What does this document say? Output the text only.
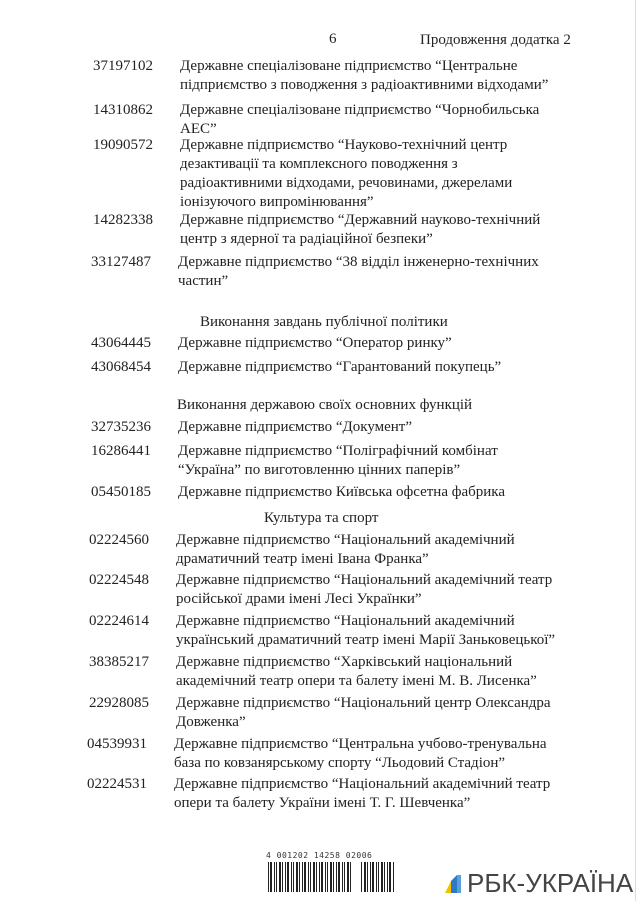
6	Продовження додатка 2
37197102 Державне спеціалізоване підприємство “Центральне
підприємство з поводження з радіоактивними відходами”
14310862 Державне спеціалізоване підприємство “Чорнобильська
АЕС”
19090572 Державне підприємство “Науково-технічний центр
дезактивації та комплексного поводження з
радіоактивними відходами, речовинами, джерелами
іонізуючого випромінювання”
14282338 Державне підприємство “Державний науково-технічний
центр з ядерної та радіаційної безпеки”
33127487 Державне підприємство “38 відділ інженерно-технічних
частин”
43064445 Державне підприємство “Оператор ринку”
43068454 Державне підприємство “Гарантований покупець”
32735236 Державне підприємство “Документ”
16286441 Державне підприємство “Поліграфічний комбінат
“Україна” по виготовленню цінних паперів”
05450185 Державне підприємство Київська офсетна фабрика
02224560 Державне підприємство “Національний академічний
драматичний театр імені Івана Франка”
02224548 Державне підприємство “Національний академічний театр
російської драми імені Лесі Українки”
02224614 Державне підприємство “Національний академічний
український драматичний театр імені Марії Заньковецької”
38385217 Державне підприємство “Харківський національний
академічний театр опери та балету імені М. В. Лисенка”
22928085 Державне підприємство “Національний центр Олександра
Довженка”
04539931 Державне підприємство “Центральна учбово-тренувальна
база по ковзанярському спорту “Льодовий Стадіон”
02224531 Державне підприємство “Національний академічний театр
опери та балету України імені Т. Г. Шевченка”
Виконання завдань публічної політики
Виконання державою своїх основних функцій
Культура та спорт
4 001202 14258 02006
РБК-УКРАЇНА
